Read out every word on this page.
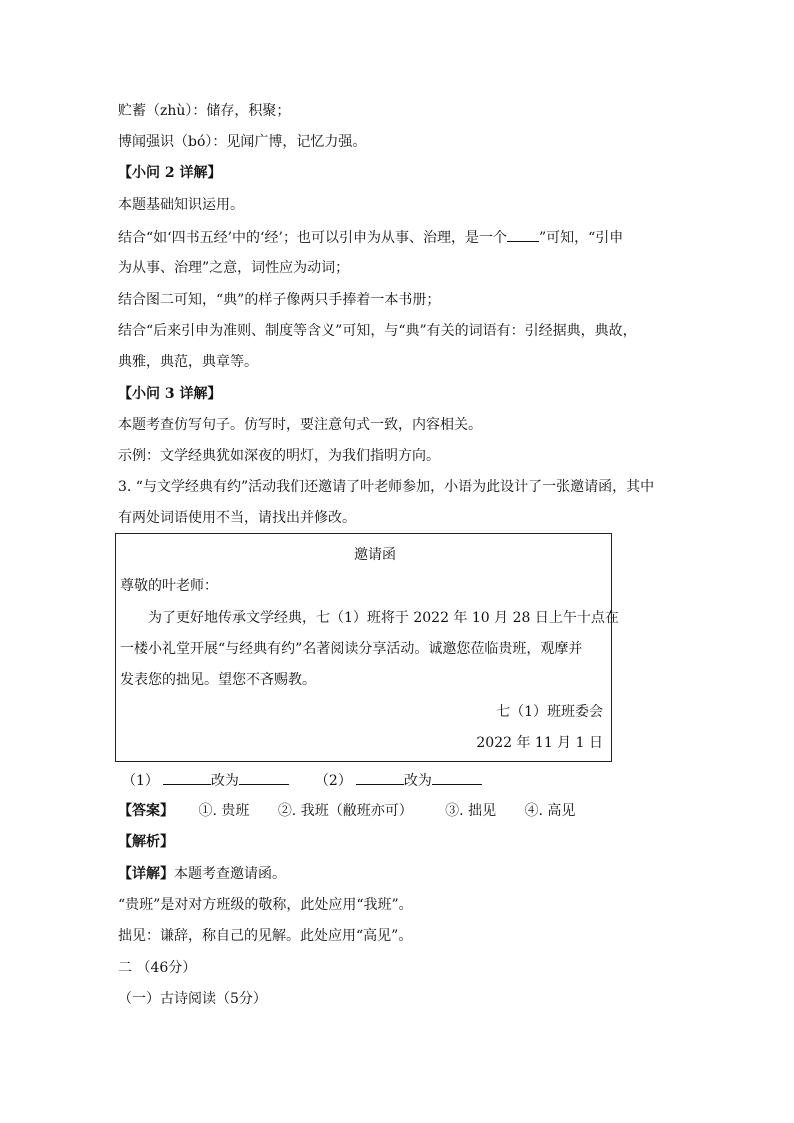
贮蓄（zhù）：储存，积聚；
博闻强识（bó）：见闻广博，记忆力强。
【小问 2 详解】
本题基础知识运用。
结合“如‘四书五经’中的‘经’；也可以引申为从事、治理，是一个 ”可知，“引申
为从事、治理”之意，词性应为动词；
结合图二可知，“典”的样子像两只手捧着一本书册；
结合“后来引申为准则、制度等含义”可知，与“典”有关的词语有：引经据典，典故，
典雅，典范，典章等。
【小问 3 详解】
本题考查仿写句子。仿写时，要注意句式一致，内容相关。
示例：文学经典犹如深夜的明灯，为我们指明方向。
3. “与文学经典有约”活动我们还邀请了叶老师参加，小语为此设计了一张邀请函，其中
有两处词语使用不当，请找出并修改。
邀请函
尊敬的叶老师：
为了更好地传承文学经典，七（1）班将于 2022 年 10 月 28 日上午十点在
一楼小礼堂开展“与经典有约”名著阅读分享活动。诚邀您莅临贵班，观摩并
发表您的拙见。望您不吝赐教。
七（1）班班委会
2022 年 11 月 1 日
（1）	改为	（2）	改为
【答案】 ①. 贵班 ②. 我班（敝班亦可） ③. 拙见 ④. 高见
【解析】
【详解】本题考查邀请函。
“贵班”是对对方班级的敬称，此处应用“我班”。
拙见：谦辞，称自己的见解。此处应用“高见”。
二 （46分）
（一）古诗阅读（5分）
